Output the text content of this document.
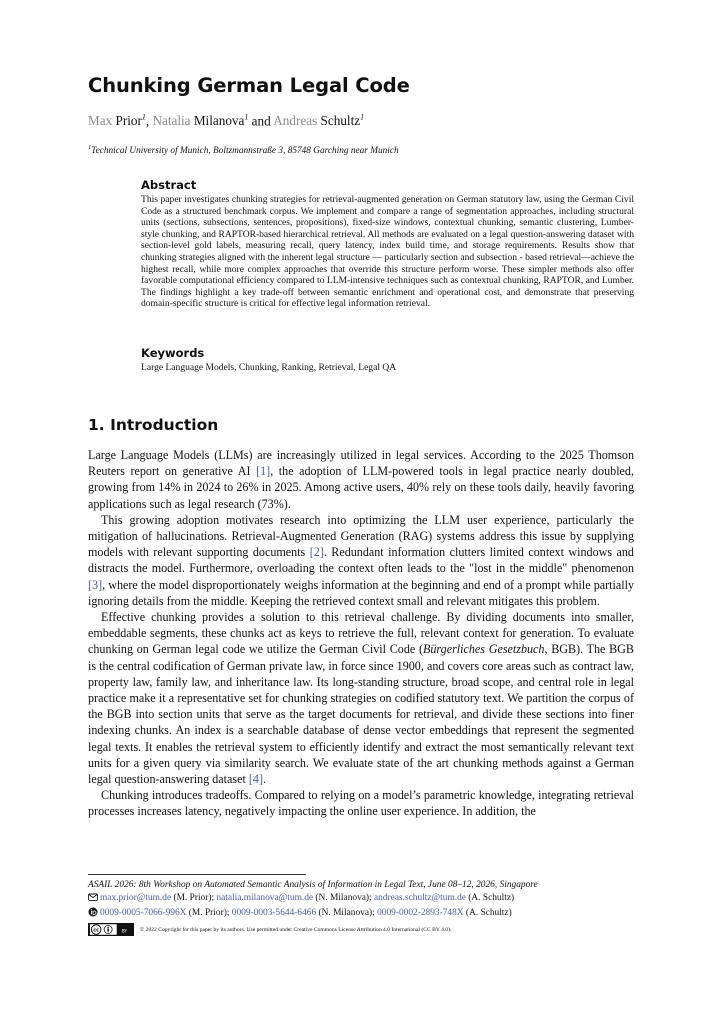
Chunking German Legal Code
Max Prior$^1$, Natalia Milanova$^1$ and Andreas Schultz$^1$
$^1$Technical University of Munich, Boltzmannstraße 3, 85748 Garching near Munich
Abstract

This paper investigates chunking strategies for retrieval-augmented generation on German statutory law, using the German Civil Code as a structured benchmark corpus. We implement and compare a range of segmentation approaches, including structural units (sections, subsections, sentences, propositions), fixed-size windows, contextual chunking, semantic clustering, Lumber-style chunking, and RAPTOR-based hierarchical retrieval. All methods are evaluated on a legal question-answering dataset with section-level gold labels, measuring recall, query latency, index build time, and storage requirements. Results show that chunking strategies aligned with the inherent legal structure — particularly section and subsection - based retrieval—achieve the highest recall, while more complex approaches that override this structure perform worse. These simpler methods also offer favorable computational efficiency compared to LLM-intensive techniques such as contextual chunking, RAPTOR, and Lumber. The findings highlight a key trade-off between semantic enrichment and operational cost, and demonstrate that preserving domain-specific structure is critical for effective legal information retrieval.

Keywords

Large Language Models, Chunking, Ranking, Retrieval, Legal QA

1. Introduction

Large Language Models (LLMs) are increasingly utilized in legal services. According to the 2025 Thomson Reuters report on generative AI [1], the adoption of LLM-powered tools in legal practice nearly doubled, growing from 14% in 2024 to 26% in 2025. Among active users, 40% rely on these tools daily, heavily favoring applications such as legal research (73%).

This growing adoption motivates research into optimizing the LLM user experience, particularly the mitigation of hallucinations. Retrieval-Augmented Generation (RAG) systems address this issue by supplying models with relevant supporting documents [2]. Redundant information clutters limited context windows and distracts the model. Furthermore, overloading the context often leads to the "lost in the middle" phenomenon [3], where the model disproportionately weighs information at the beginning and end of a prompt while partially ignoring details from the middle. Keeping the retrieved context small and relevant mitigates this problem.

Effective chunking provides a solution to this retrieval challenge. By dividing documents into smaller, embeddable segments, these chunks act as keys to retrieve the full, relevant context for generation. To evaluate chunking on German legal code we utilize the German Civil Code (Bürgerliches Gesetzbuch, BGB). The BGB is the central codification of German private law, in force since 1900, and covers core areas such as contract law, property law, family law, and inheritance law. Its long-standing structure, broad scope, and central role in legal practice make it a representative set for chunking strategies on codified statutory text. We partition the corpus of the BGB into section units that serve as the target documents for retrieval, and divide these sections into finer indexing chunks. An index is a searchable database of dense vector embeddings that represent the segmented legal texts. It enables the retrieval system to efficiently identify and extract the most semantically relevant text units for a given query via similarity search. We evaluate state of the art chunking methods against a German legal question-answering dataset [4].

Chunking introduces tradeoffs. Compared to relying on a model’s parametric knowledge, integrating retrieval processes increases latency, negatively impacting the online user experience. In addition, the

ASAIL 2026: 8th Workshop on Automated Semantic Analysis of Information in Legal Text, June 08–12, 2026, Singapore
max.prior@tum.de (M. Prior); natalia.milanova@tum.de (N. Milanova); andreas.schultz@tum.de (A. Schultz)
0009-0005-7066-996X (M. Prior); 0009-0003-5644-6466 (N. Milanova); 0009-0002-2893-748X (A. Schultz)
cc	BY © 2022 Copyright for this paper by its authors. Use permitted under Creative Commons License Attribution 4.0 International (CC BY 4.0).
